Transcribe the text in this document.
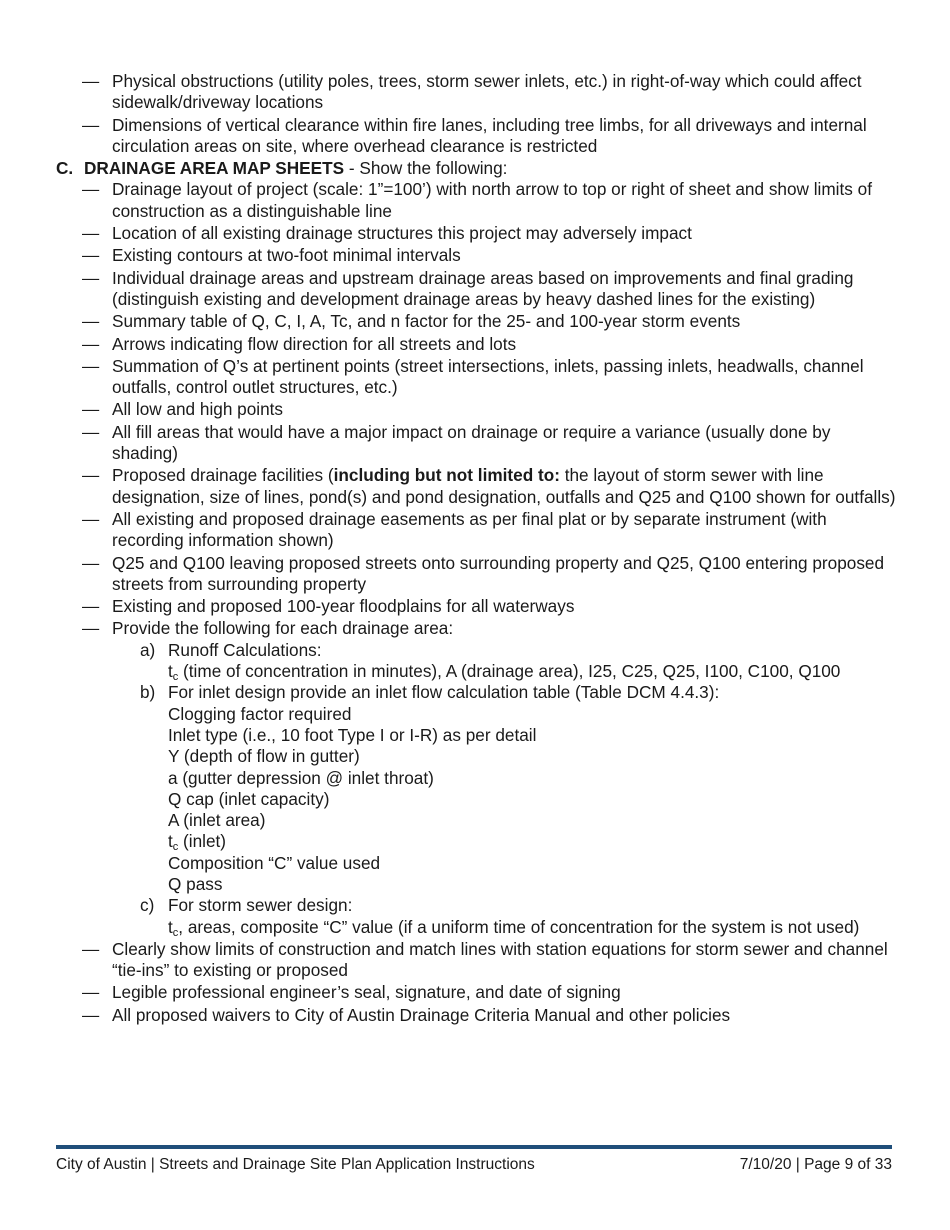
— Physical obstructions (utility poles, trees, storm sewer inlets, etc.) in right-of-way which could affect sidewalk/driveway locations
— Dimensions of vertical clearance within fire lanes, including tree limbs, for all driveways and internal circulation areas on site, where overhead clearance is restricted
C. DRAINAGE AREA MAP SHEETS - Show the following:
— Drainage layout of project (scale: 1”=100’) with north arrow to top or right of sheet and show limits of construction as a distinguishable line
— Location of all existing drainage structures this project may adversely impact
— Existing contours at two-foot minimal intervals
— Individual drainage areas and upstream drainage areas based on improvements and final grading (distinguish existing and development drainage areas by heavy dashed lines for the existing)
— Summary table of Q, C, I, A, Tc, and n factor for the 25- and 100-year storm events
— Arrows indicating flow direction for all streets and lots
— Summation of Q’s at pertinent points (street intersections, inlets, passing inlets, headwalls, channel outfalls, control outlet structures, etc.)
— All low and high points
— All fill areas that would have a major impact on drainage or require a variance (usually done by shading)
— Proposed drainage facilities (including but not limited to: the layout of storm sewer with line designation, size of lines, pond(s) and pond designation, outfalls and Q25 and Q100 shown for outfalls)
— All existing and proposed drainage easements as per final plat or by separate instrument (with recording information shown)
— Q25 and Q100 leaving proposed streets onto surrounding property and Q25, Q100 entering proposed streets from surrounding property
— Existing and proposed 100-year floodplains for all waterways
— Provide the following for each drainage area:
a) Runoff Calculations:
$t_c$ (time of concentration in minutes), A (drainage area), I25, C25, Q25, I100, C100, Q100
b) For inlet design provide an inlet flow calculation table (Table DCM 4.4.3):
Clogging factor required
Inlet type (i.e., 10 foot Type I or I-R) as per detail
Y (depth of flow in gutter)
a (gutter depression @ inlet throat)
Q cap (inlet capacity)
A (inlet area)
$t_c$ (inlet)
Composition “C” value used
Q pass
c) For storm sewer design:
$t_c$, areas, composite “C” value (if a uniform time of concentration for the system is not used)
— Clearly show limits of construction and match lines with station equations for storm sewer and channel “tie-ins” to existing or proposed
— Legible professional engineer’s seal, signature, and date of signing
— All proposed waivers to City of Austin Drainage Criteria Manual and other policies
City of Austin | Streets and Drainage Site Plan Application Instructions	7/10/20 | Page 9 of 33
